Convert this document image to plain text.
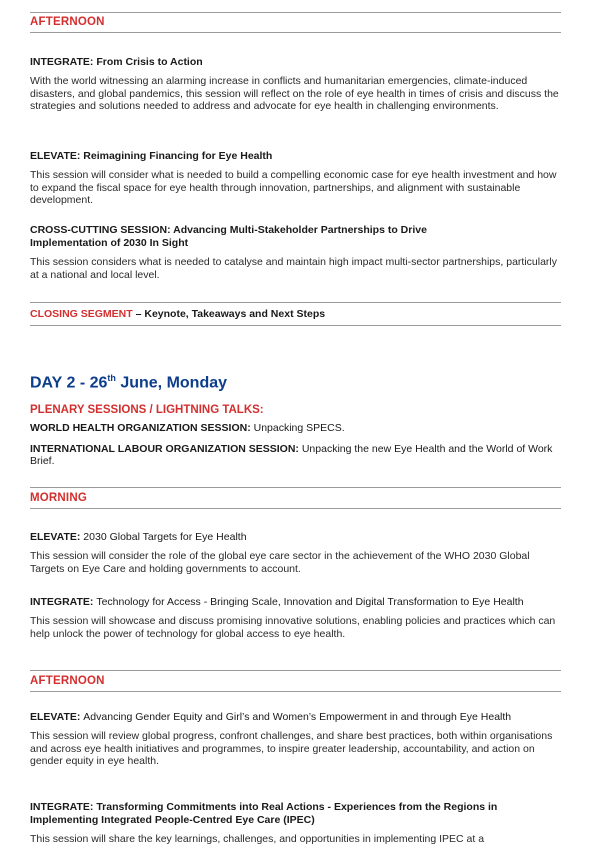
AFTERNOON

INTEGRATE: From Crisis to Action

With the world witnessing an alarming increase in conflicts and humanitarian emergencies, climate-induced disasters, and global pandemics, this session will reflect on the role of eye health in times of crisis and discuss the strategies and solutions needed to address and advocate for eye health in challenging environments.

ELEVATE: Reimagining Financing for Eye Health

This session will consider what is needed to build a compelling economic case for eye health investment and how to expand the fiscal space for eye health through innovation, partnerships, and alignment with sustainable development.

CROSS-CUTTING SESSION: Advancing Multi-Stakeholder Partnerships to Drive Implementation of 2030 In Sight

This session considers what is needed to catalyse and maintain high impact multi-sector partnerships, particularly at a national and local level.

CLOSING SEGMENT – Keynote, Takeaways and Next Steps
DAY 2 - 26th June, Monday

PLENARY SESSIONS / LIGHTNING TALKS:

WORLD HEALTH ORGANIZATION SESSION: Unpacking SPECS.

INTERNATIONAL LABOUR ORGANIZATION SESSION: Unpacking the new Eye Health and the World of Work Brief.

MORNING

ELEVATE: 2030 Global Targets for Eye Health

This session will consider the role of the global eye care sector in the achievement of the WHO 2030 Global Targets on Eye Care and holding governments to account.

INTEGRATE: Technology for Access - Bringing Scale, Innovation and Digital Transformation to Eye Health

This session will showcase and discuss promising innovative solutions, enabling policies and practices which can help unlock the power of technology for global access to eye health.

AFTERNOON

ELEVATE: Advancing Gender Equity and Girl’s and Women’s Empowerment in and through Eye Health

This session will review global progress, confront challenges, and share best practices, both within organisations and across eye health initiatives and programmes, to inspire greater leadership, accountability, and action on gender equity in eye health.

INTEGRATE: Transforming Commitments into Real Actions - Experiences from the Regions in Implementing Integrated People-Centred Eye Care (IPEC)

This session will share the key learnings, challenges, and opportunities in implementing IPEC at a
